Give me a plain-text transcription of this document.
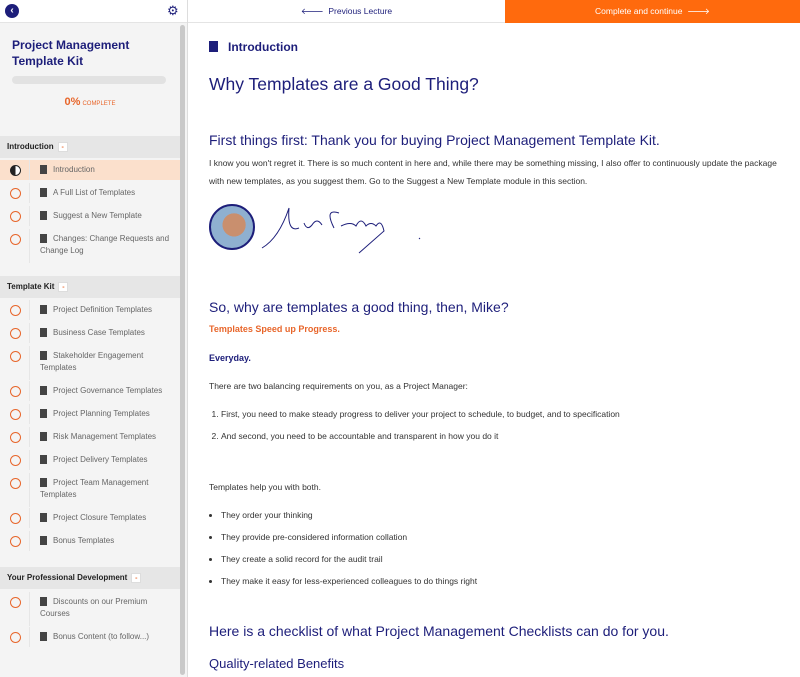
‹	⚙
Project Management Template Kit
0% COMPLETE
Introduction -
Introduction
A Full List of Templates
Suggest a New Template
Changes: Change Requests and Change Log
Template Kit -
Project Definition Templates
Business Case Templates
Stakeholder Engagement Templates
Project Governance Templates
Project Planning Templates
Risk Management Templates
Project Delivery Templates
Project Team Management Templates
Project Closure Templates
Bonus Templates
Your Professional Development -
Discounts on our Premium Courses
Bonus Content (to follow...)
🡐  Previous Lecture	Complete and continue 🡒
Introduction
Why Templates are a Good Thing?
First things first: Thank you for buying Project Management Template Kit.
I know you won't regret it. There is so much content in here and, while there may be something missing, I also offer to continuously update the package with new templates, as you suggest them. Go to the Suggest a New Template module in this section.
So, why are templates a good thing, then, Mike?
Templates Speed up Progress.
Everyday.
There are two balancing requirements on you, as a Project Manager:
1. First, you need to make steady progress to deliver your project to schedule, to budget, and to specification
2. And second, you need to be accountable and transparent in how you do it
Templates help you with both.
• They order your thinking
• They provide pre-considered information collation
• They create a solid record for the audit trail
• They make it easy for less-experienced colleagues to do things right
Here is a checklist of what Project Management Checklists can do for you.
Quality-related Benefits
